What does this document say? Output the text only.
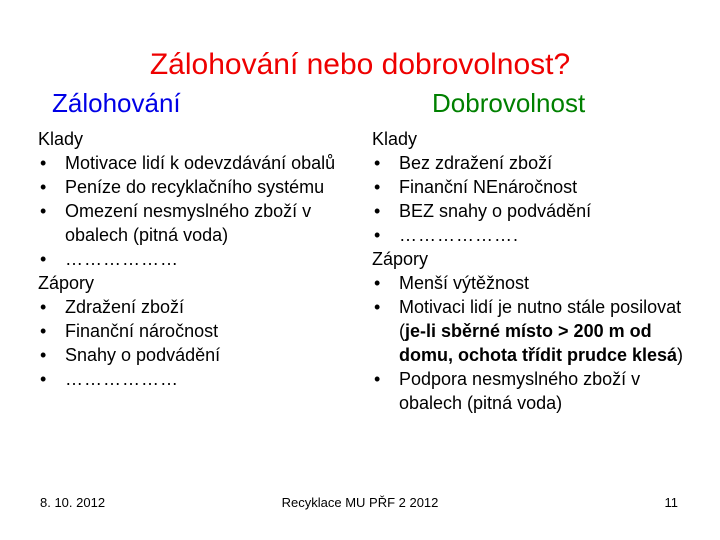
Zálohování nebo dobrovolnost?
Zálohování	Dobrovolnost
Klady
• Motivace lidí k odevzdávání obalů
• Peníze do recyklačního systému
• Omezení nesmyslného zboží v obalech (pitná voda)
• ………………
Zápory
• Zdražení zboží
• Finanční náročnost
• Snahy o podvádění
• ………………
Klady
• Bez zdražení zboží
• Finanční NEnáročnost
• BEZ snahy o podvádění
• ……………….
Zápory
• Menší výtěžnost
• Motivaci lidí je nutno stále posilovat (je-li sběrné místo > 200 m od domu, ochota třídit prudce klesá)
• Podpora nesmyslného zboží v obalech (pitná voda)
8. 10. 2012	Recyklace MU PŘF 2 2012	11
